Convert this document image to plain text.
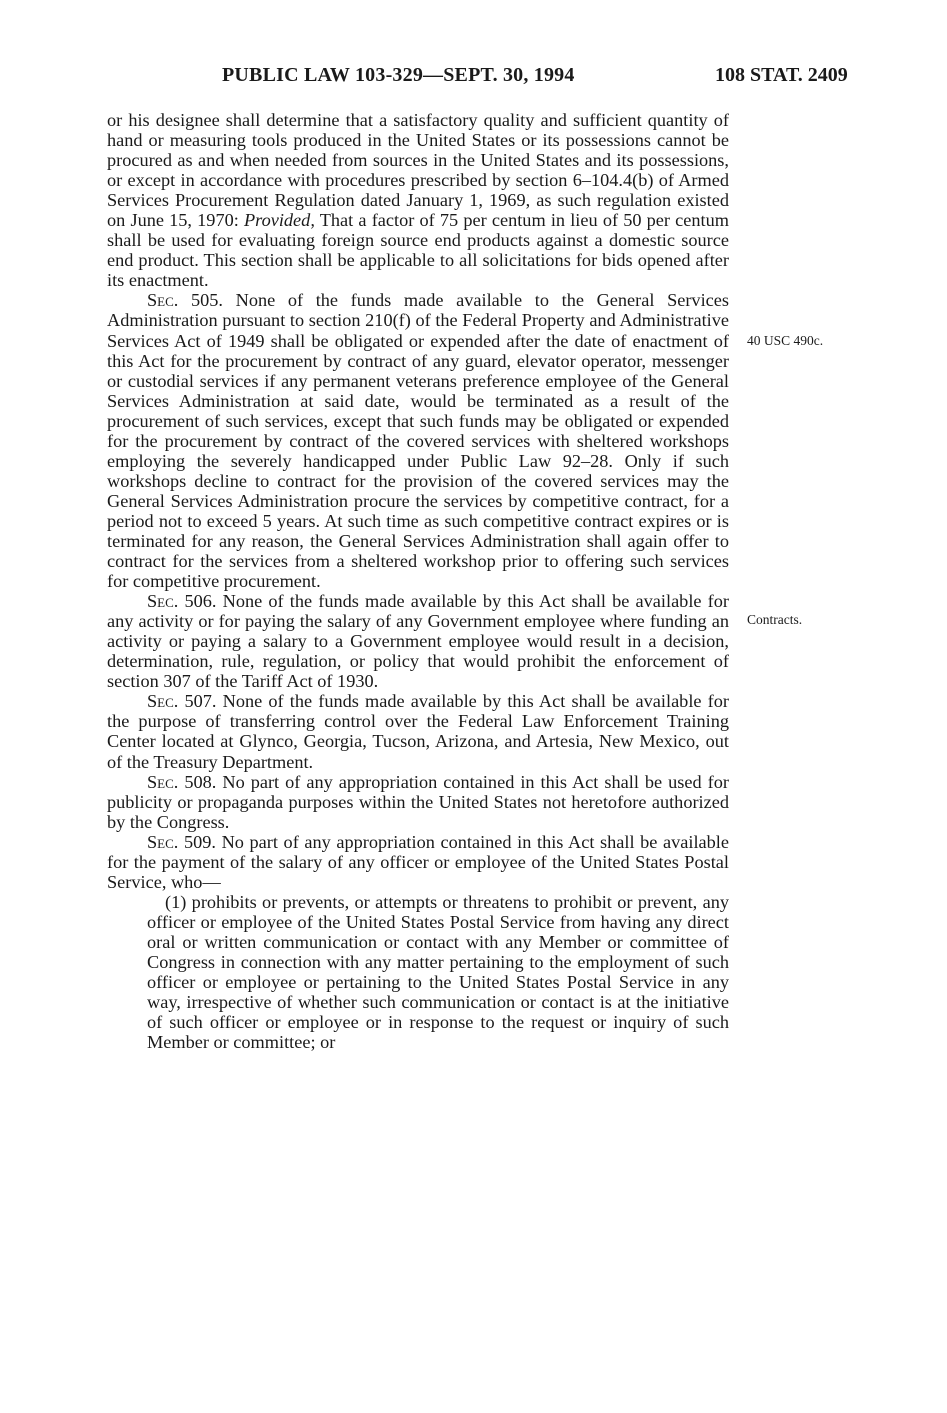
PUBLIC LAW 103-329—SEPT. 30, 1994	108 STAT. 2409
40 USC 490c.
Contracts.

or his designee shall determine that a satisfactory quality and sufficient quantity of hand or measuring tools produced in the United States or its possessions cannot be procured as and when needed from sources in the United States and its possessions, or except in accordance with procedures prescribed by section 6–104.4(b) of Armed Services Procurement Regulation dated January 1, 1969, as such regulation existed on June 15, 1970: Provided, That a factor of 75 per centum in lieu of 50 per centum shall be used for evaluating foreign source end products against a domestic source end product. This section shall be applicable to all solicitations for bids opened after its enactment.

Sec. 505. None of the funds made available to the General Services Administration pursuant to section 210(f) of the Federal Property and Administrative Services Act of 1949 shall be obligated or expended after the date of enactment of this Act for the procurement by contract of any guard, elevator operator, messenger or custodial services if any permanent veterans preference employee of the General Services Administration at said date, would be terminated as a result of the procurement of such services, except that such funds may be obligated or expended for the procurement by contract of the covered services with sheltered workshops employing the severely handicapped under Public Law 92–28. Only if such workshops decline to contract for the provision of the covered services may the General Services Administration procure the services by competitive contract, for a period not to exceed 5 years. At such time as such competitive contract expires or is terminated for any reason, the General Services Administration shall again offer to contract for the services from a sheltered workshop prior to offering such services for competitive procurement.

Sec. 506. None of the funds made available by this Act shall be available for any activity or for paying the salary of any Government employee where funding an activity or paying a salary to a Government employee would result in a decision, determination, rule, regulation, or policy that would prohibit the enforcement of section 307 of the Tariff Act of 1930.

Sec. 507. None of the funds made available by this Act shall be available for the purpose of transferring control over the Federal Law Enforcement Training Center located at Glynco, Georgia, Tucson, Arizona, and Artesia, New Mexico, out of the Treasury Department.

Sec. 508. No part of any appropriation contained in this Act shall be used for publicity or propaganda purposes within the United States not heretofore authorized by the Congress.

Sec. 509. No part of any appropriation contained in this Act shall be available for the payment of the salary of any officer or employee of the United States Postal Service, who—

(1) prohibits or prevents, or attempts or threatens to prohibit or prevent, any officer or employee of the United States Postal Service from having any direct oral or written communication or contact with any Member or committee of Congress in connection with any matter pertaining to the employment of such officer or employee or pertaining to the United States Postal Service in any way, irrespective of whether such communication or contact is at the initiative of such officer or employee or in response to the request or inquiry of such Member or committee; or
